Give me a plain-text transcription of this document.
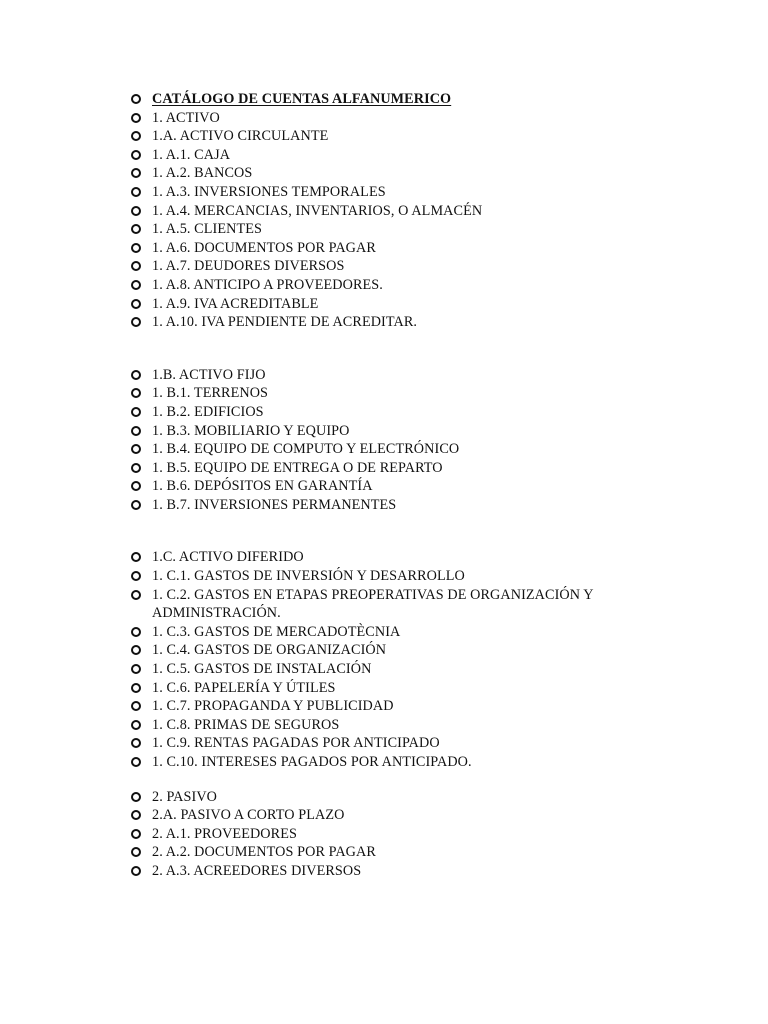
CATÁLOGO DE CUENTAS ALFANUMERICO
1. ACTIVO
1.A. ACTIVO CIRCULANTE
1. A.1. CAJA
1. A.2. BANCOS
1. A.3. INVERSIONES TEMPORALES
1. A.4. MERCANCIAS, INVENTARIOS, O ALMACÉN
1. A.5. CLIENTES
1. A.6. DOCUMENTOS POR PAGAR
1. A.7. DEUDORES DIVERSOS
1. A.8. ANTICIPO A PROVEEDORES.
1. A.9. IVA ACREDITABLE
1. A.10. IVA PENDIENTE DE ACREDITAR.
1.B. ACTIVO FIJO
1. B.1. TERRENOS
1. B.2. EDIFICIOS
1. B.3. MOBILIARIO Y EQUIPO
1. B.4. EQUIPO DE COMPUTO Y ELECTRÓNICO
1. B.5. EQUIPO DE ENTREGA O DE REPARTO
1. B.6. DEPÓSITOS EN GARANTÍA
1. B.7. INVERSIONES PERMANENTES
1.C. ACTIVO DIFERIDO
1. C.1. GASTOS DE INVERSIÓN Y DESARROLLO
1. C.2. GASTOS EN ETAPAS PREOPERATIVAS DE ORGANIZACIÓN Y ADMINISTRACIÓN.
1. C.3. GASTOS DE MERCADOTÈCNIA
1. C.4. GASTOS DE ORGANIZACIÓN
1. C.5. GASTOS DE INSTALACIÓN
1. C.6. PAPELERÍA Y ÚTILES
1. C.7. PROPAGANDA Y PUBLICIDAD
1. C.8. PRIMAS DE SEGUROS
1. C.9. RENTAS PAGADAS POR ANTICIPADO
1. C.10. INTERESES PAGADOS POR ANTICIPADO.
2. PASIVO
2.A. PASIVO A CORTO PLAZO
2. A.1. PROVEEDORES
2. A.2. DOCUMENTOS POR PAGAR
2. A.3. ACREEDORES DIVERSOS
